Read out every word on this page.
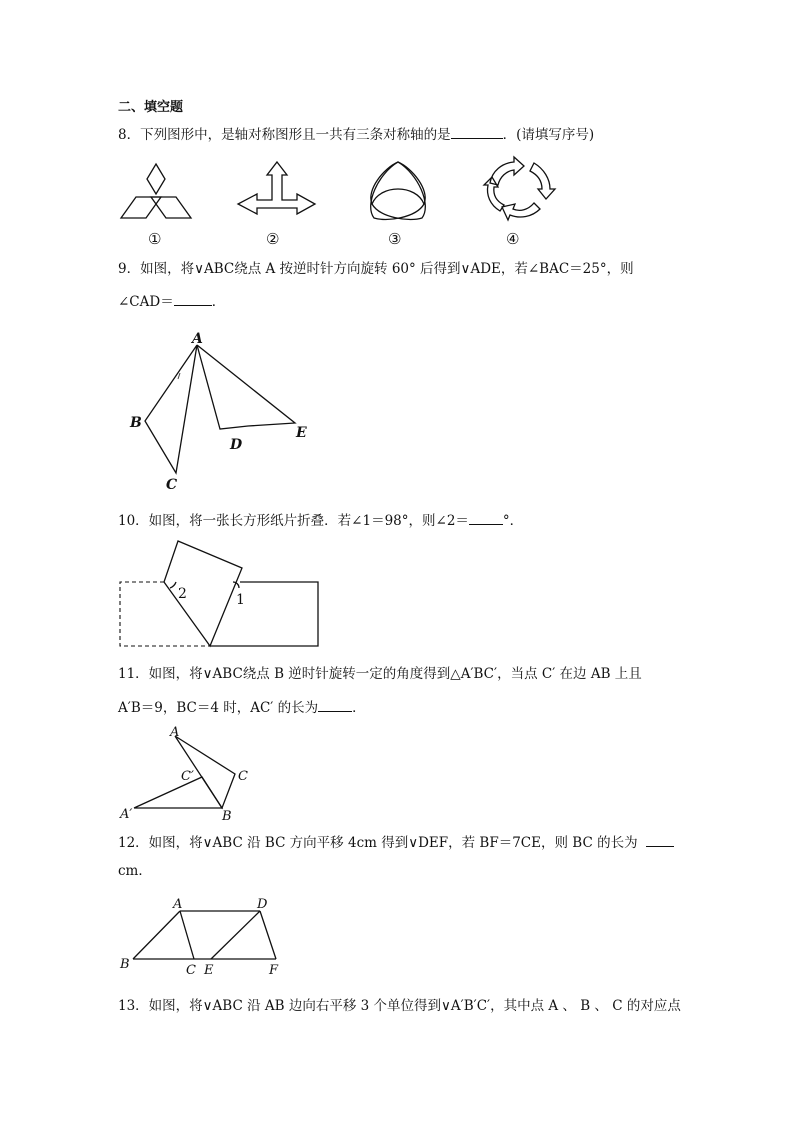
二、填空题
8．下列图形中，是轴对称图形且一共有三条对称轴的是	．(请填写序号)
①	②	③	④
9．如图，将∨ABC绕点 A 按逆时针方向旋转 60° 后得到∨ADE，若∠BAC＝25°，则
∠CAD＝	．
A
B
C
D
E
10．如图，将一张长方形纸片折叠．若∠1＝98°，则∠2＝	°．
2	1
11．如图，将∨ABC绕点 B 逆时针旋转一定的角度得到△A′BC′，当点 C′ 在边 AB 上且
A′B＝9，BC＝4 时，AC′ 的长为	．
A
C
C′
A′	B
12．如图，将∨ABC 沿 BC 方向平移 4cm 得到∨DEF，若 BF＝7CE，则 BC 的长为
cm．
A	D
B	C E	F
13．如图，将∨ABC 沿 AB 边向右平移 3 个单位得到∨A′B′C′，其中点 A 、 B 、 C 的对应点
